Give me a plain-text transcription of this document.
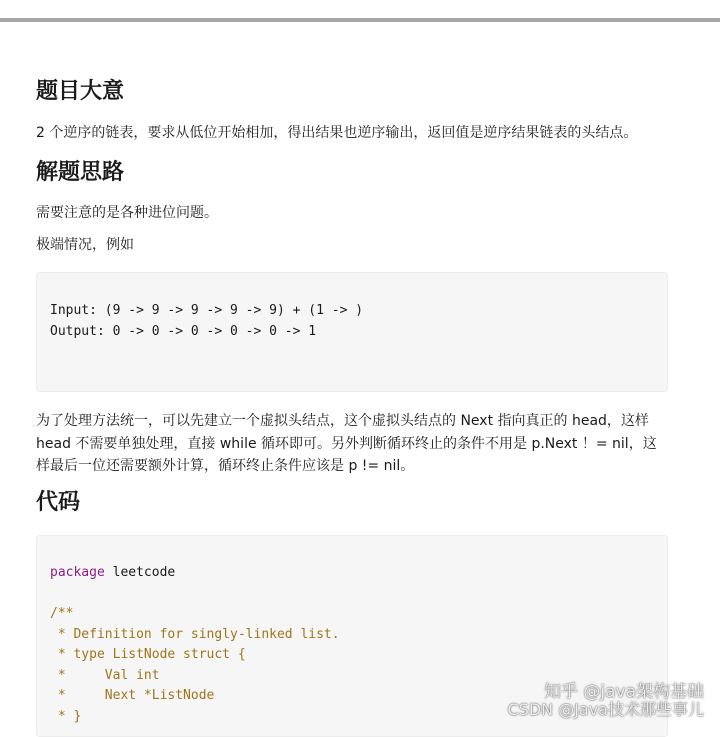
题目大意

2 个逆序的链表，要求从低位开始相加，得出结果也逆序输出，返回值是逆序结果链表的头结点。

解题思路

需要注意的是各种进位问题。

极端情况，例如

Input: (9 -> 9 -> 9 -> 9 -> 9) + (1 -> )
Output: 0 -> 0 -> 0 -> 0 -> 0 -> 1

为了处理方法统一，可以先建立一个虚拟头结点，这个虚拟头结点的 Next 指向真正的 head，这样 head 不需要单独处理，直接 while 循环即可。另外判断循环终止的条件不用是 p.Next ！= nil，这样最后一位还需要额外计算，循环终止条件应该是 p != nil。

代码
package leetcode

/**
* Definition for singly-linked list.
* type ListNode struct {
*     Val int
*     Next *ListNode
* }
知乎 @java架构基础
CSDN @Java技术那些事儿
